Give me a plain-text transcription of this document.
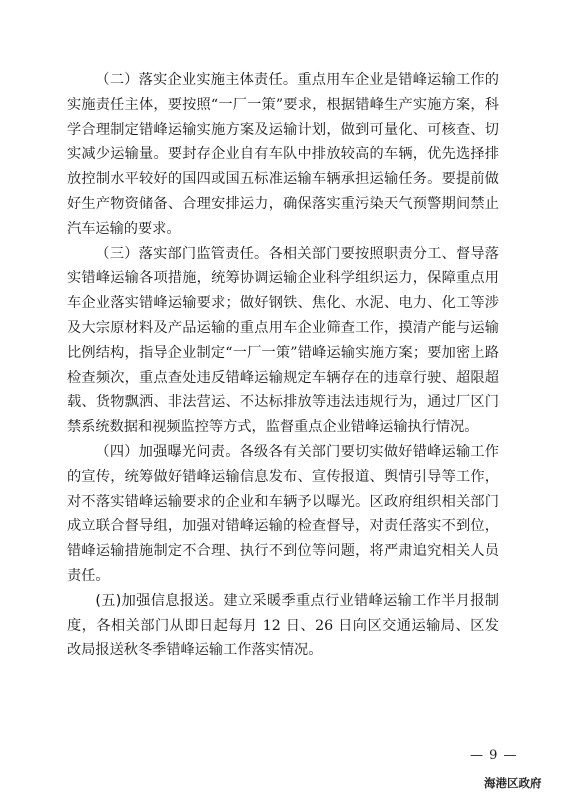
（二）落实企业实施主体责任。重点用车企业是错峰运输工作的实施责任主体，要按照“一厂一策”要求，根据错峰生产实施方案，科学合理制定错峰运输实施方案及运输计划，做到可量化、可核查、切实减少运输量。要封存企业自有车队中排放较高的车辆，优先选择排放控制水平较好的国四或国五标准运输车辆承担运输任务。要提前做好生产物资储备、合理安排运力，确保落实重污染天气预警期间禁止汽车运输的要求。

（三）落实部门监管责任。各相关部门要按照职责分工、督导落实错峰运输各项措施，统筹协调运输企业科学组织运力，保障重点用车企业落实错峰运输要求；做好钢铁、焦化、水泥、电力、化工等涉及大宗原材料及产品运输的重点用车企业筛查工作，摸清产能与运输比例结构，指导企业制定“一厂一策”错峰运输实施方案；要加密上路检查频次，重点查处违反错峰运输规定车辆存在的违章行驶、超限超载、货物飘洒、非法营运、不达标排放等违法违规行为，通过厂区门禁系统数据和视频监控等方式，监督重点企业错峰运输执行情况。

（四）加强曝光问责。各级各有关部门要切实做好错峰运输工作的宣传，统筹做好错峰运输信息发布、宣传报道、舆情引导等工作，对不落实错峰运输要求的企业和车辆予以曝光。区政府组织相关部门成立联合督导组，加强对错峰运输的检查督导，对责任落实不到位，错峰运输措施制定不合理、执行不到位等问题，将严肃追究相关人员责任。

(五)加强信息报送。建立采暖季重点行业错峰运输工作半月报制度，各相关部门从即日起每月 12 日、26 日向区交通运输局、区发改局报送秋冬季错峰运输工作落实情况。

— 9 —
海港区政府
